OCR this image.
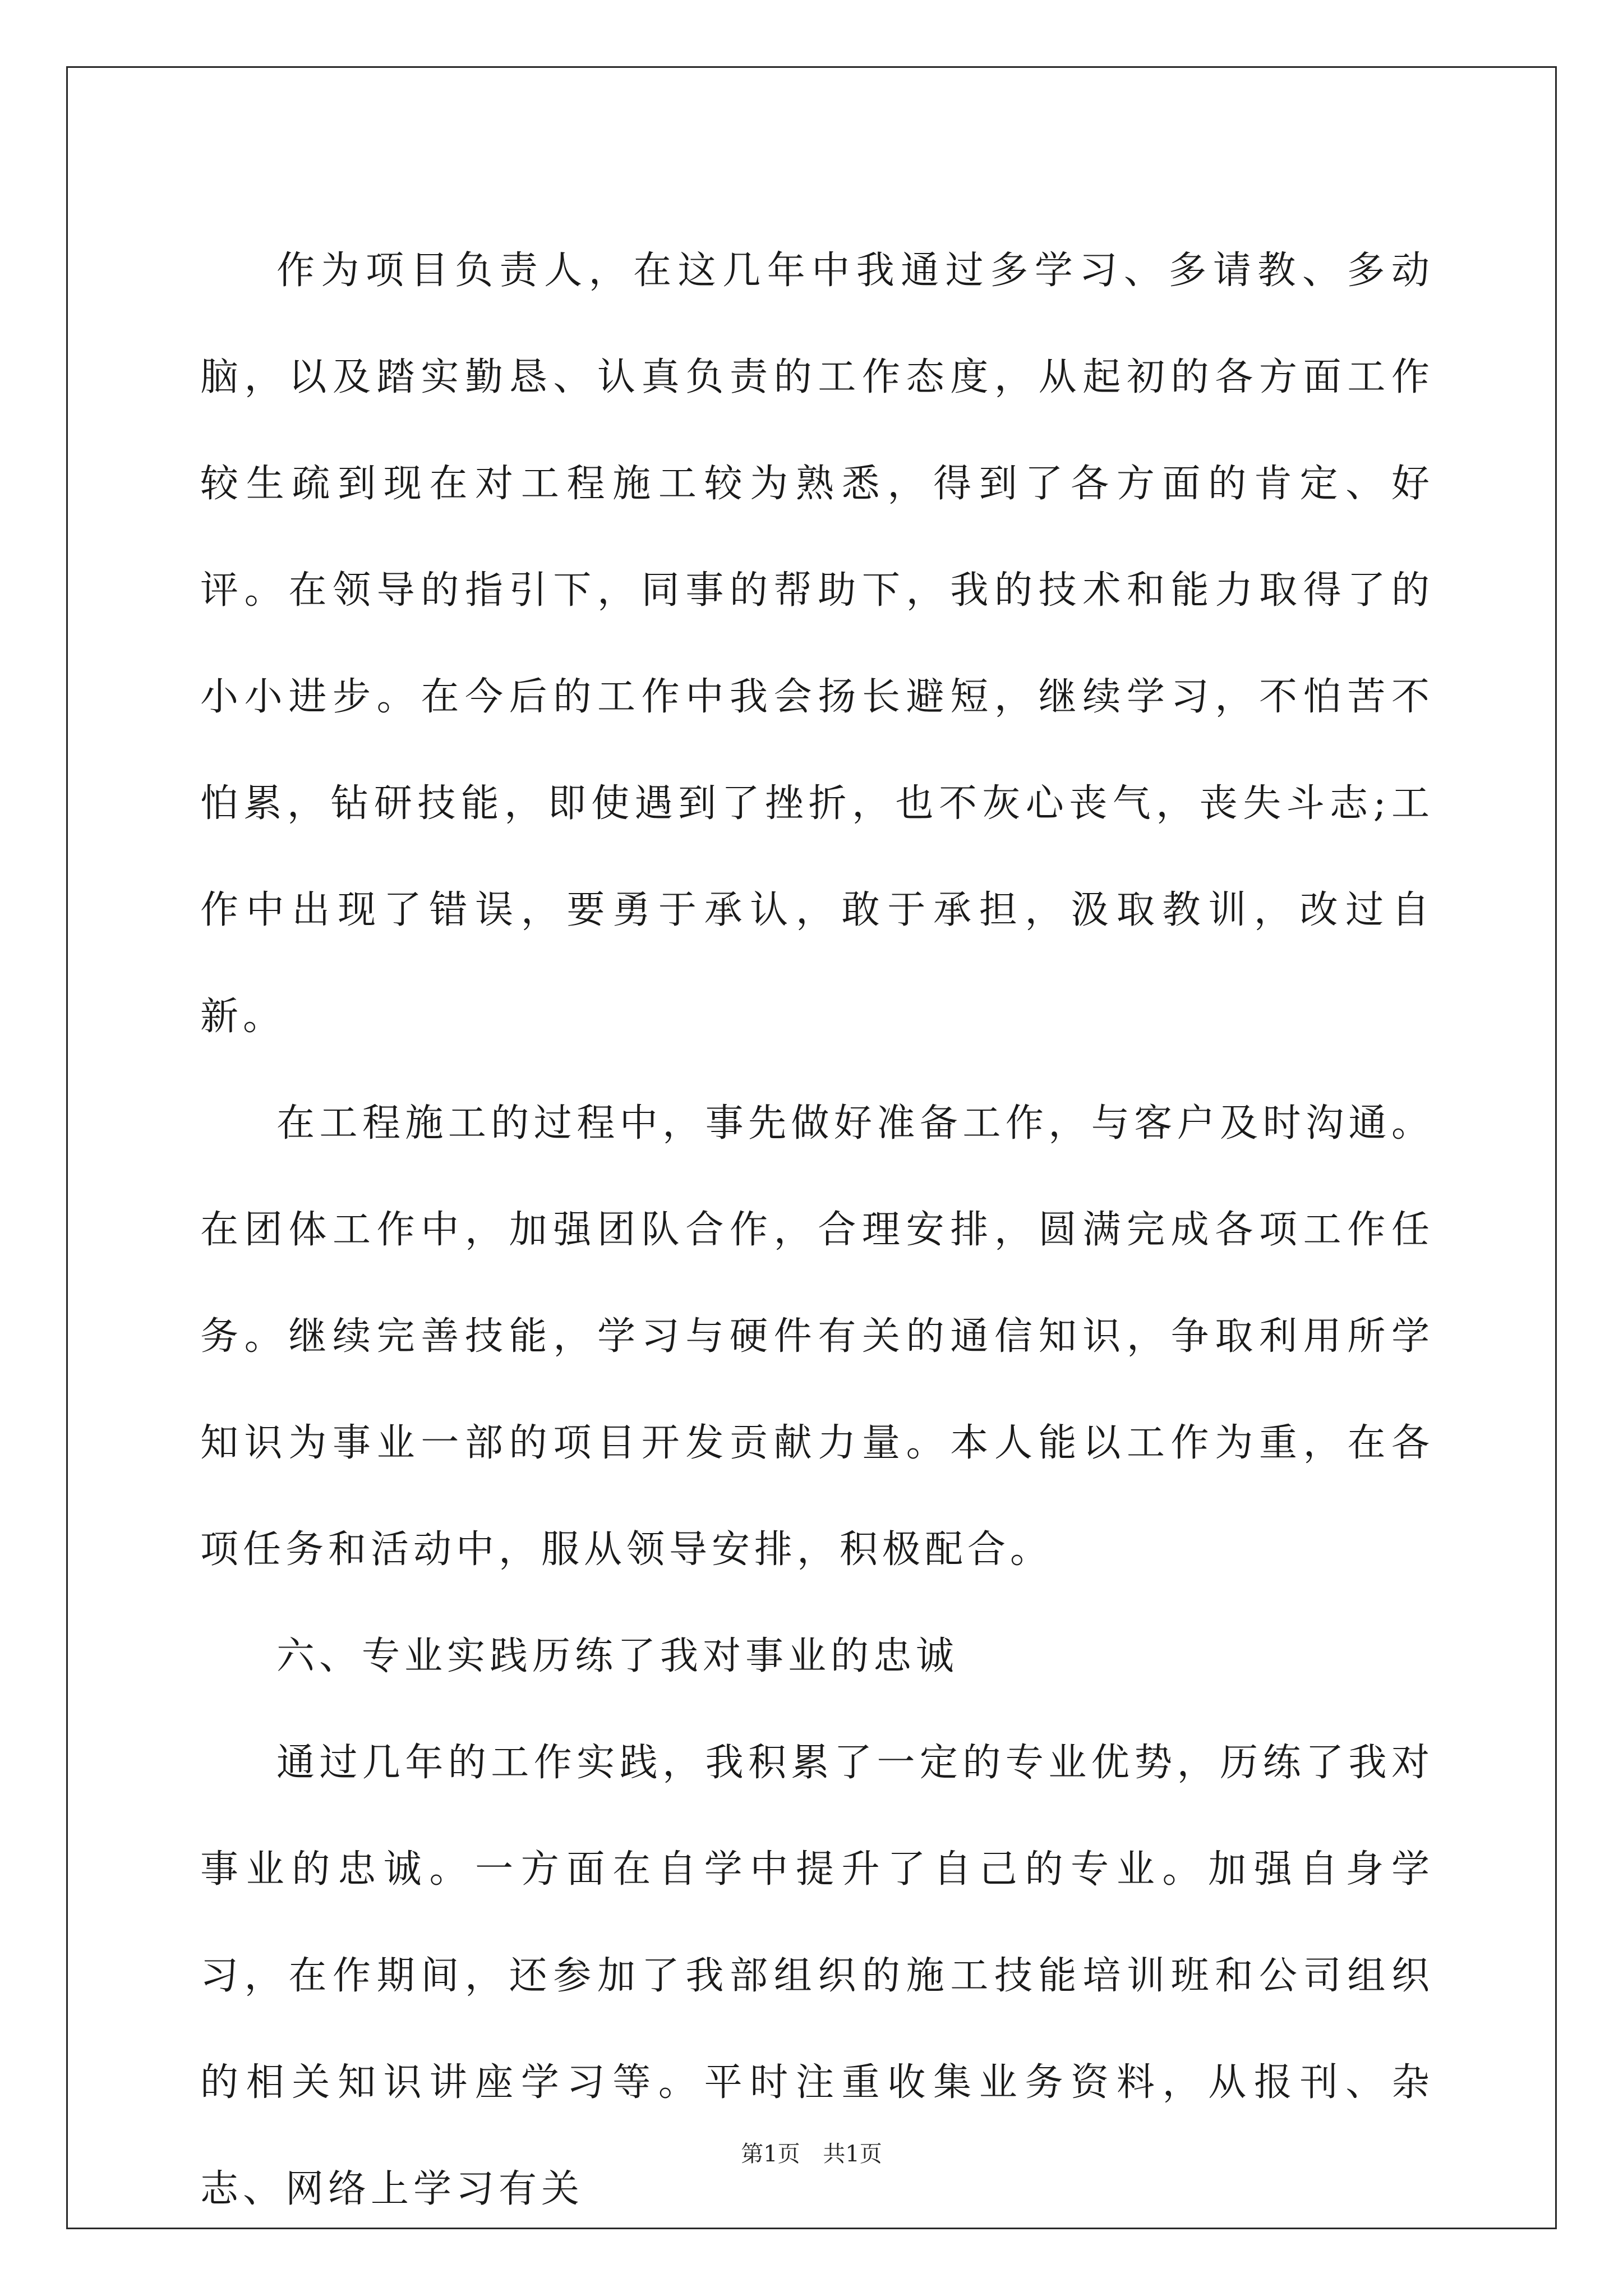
作为项目负责人，在这几年中我通过多学习、多请教、多动脑，以及踏实勤恳、认真负责的工作态度，从起初的各方面工作较生疏到现在对工程施工较为熟悉，得到了各方面的肯定、好评。在领导的指引下，同事的帮助下，我的技术和能力取得了的小小进步。在今后的工作中我会扬长避短，继续学习，不怕苦不怕累，钻研技能，即使遇到了挫折，也不灰心丧气，丧失斗志;工作中出现了错误，要勇于承认，敢于承担，汲取教训，改过自新。

在工程施工的过程中，事先做好准备工作，与客户及时沟通。在团体工作中，加强团队合作，合理安排，圆满完成各项工作任务。继续完善技能，学习与硬件有关的通信知识，争取利用所学知识为事业一部的项目开发贡献力量。本人能以工作为重，在各项任务和活动中，服从领导安排，积极配合。

六、专业实践历练了我对事业的忠诚

通过几年的工作实践，我积累了一定的专业优势，历练了我对事业的忠诚。一方面在自学中提升了自己的专业。加强自身学习，在作期间，还参加了我部组织的施工技能培训班和公司组织的相关知识讲座学习等。平时注重收集业务资料，从报刊、杂志、网络上学习有关

第1页 共1页
